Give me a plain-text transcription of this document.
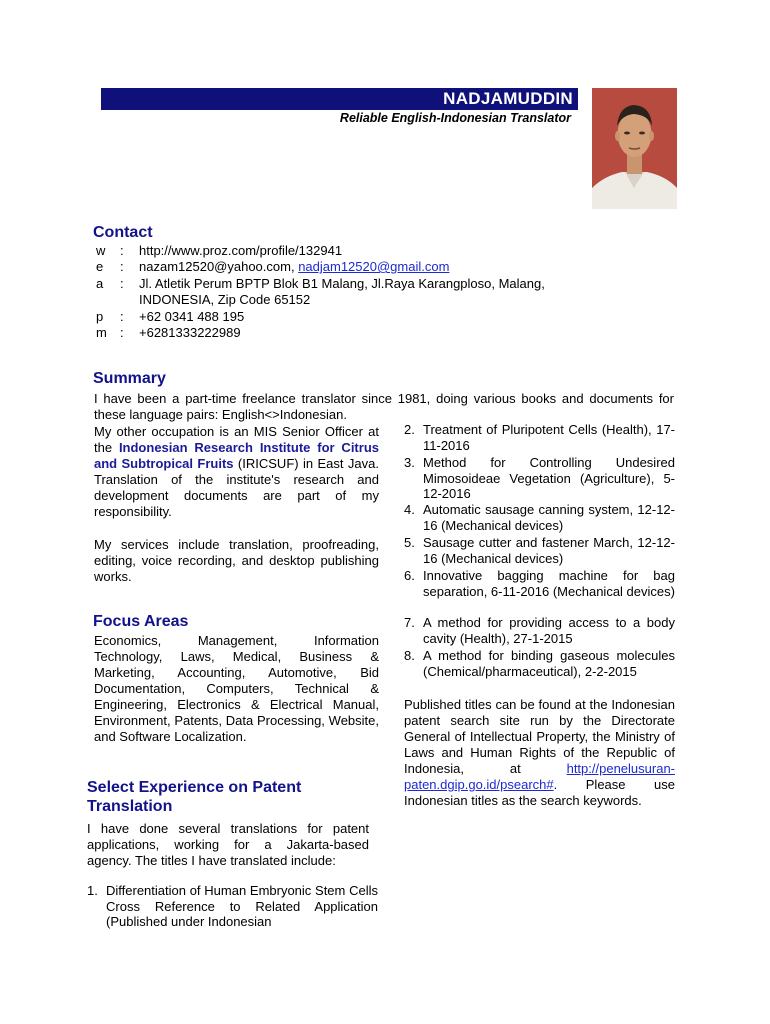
NADJAMUDDIN
Reliable English-Indonesian Translator
Contact
w : http://www.proz.com/profile/132941
e : nazam12520@yahoo.com, nadjam12520@gmail.com
a : Jl. Atletik Perum BPTP Blok B1 Malang, Jl.Raya Karangploso, Malang,
INDONESIA, Zip Code 65152
p : +62 0341 488 195
m : +6281333222989
Summary
I have been a part-time freelance translator since 1981, doing various books and documents for these language pairs: English<>Indonesian.
My other occupation is an MIS Senior Officer at the Indonesian Research Institute for Citrus and Subtropical Fruits (IRICSUF) in East Java. Translation of the institute's research and development documents are part of my responsibility.
My services include translation, proofreading, editing, voice recording, and desktop publishing works.
Focus Areas
Economics, Management, Information Technology, Laws, Medical, Business & Marketing, Accounting, Automotive, Bid Documentation, Computers, Technical & Engineering, Electronics & Electrical Manual, Environment, Patents, Data Processing, Website, and Software Localization.
Select Experience on Patent
Translation
I have done several translations for patent applications, working for a Jakarta-based agency. The titles I have translated include:
1. Differentiation of Human Embryonic Stem Cells Cross Reference to Related Application (Published under Indonesian
2. Treatment of Pluripotent Cells (Health), 17-11-2016
3. Method for Controlling Undesired Mimosoideae Vegetation (Agriculture), 5-12-2016
4. Automatic sausage canning system, 12-12-16 (Mechanical devices)
5. Sausage cutter and fastener March, 12-12-16 (Mechanical devices)
6. Innovative bagging machine for bag separation, 6-11-2016 (Mechanical devices)
7. A method for providing access to a body cavity (Health), 27-1-2015
8. A method for binding gaseous molecules (Chemical/pharmaceutical), 2-2-2015
Published titles can be found at the Indonesian patent search site run by the Directorate General of Intellectual Property, the Ministry of Laws and Human Rights of the Republic of Indonesia, at http://penelusuran-paten.dgip.go.id/psearch#. Please use Indonesian titles as the search keywords.
